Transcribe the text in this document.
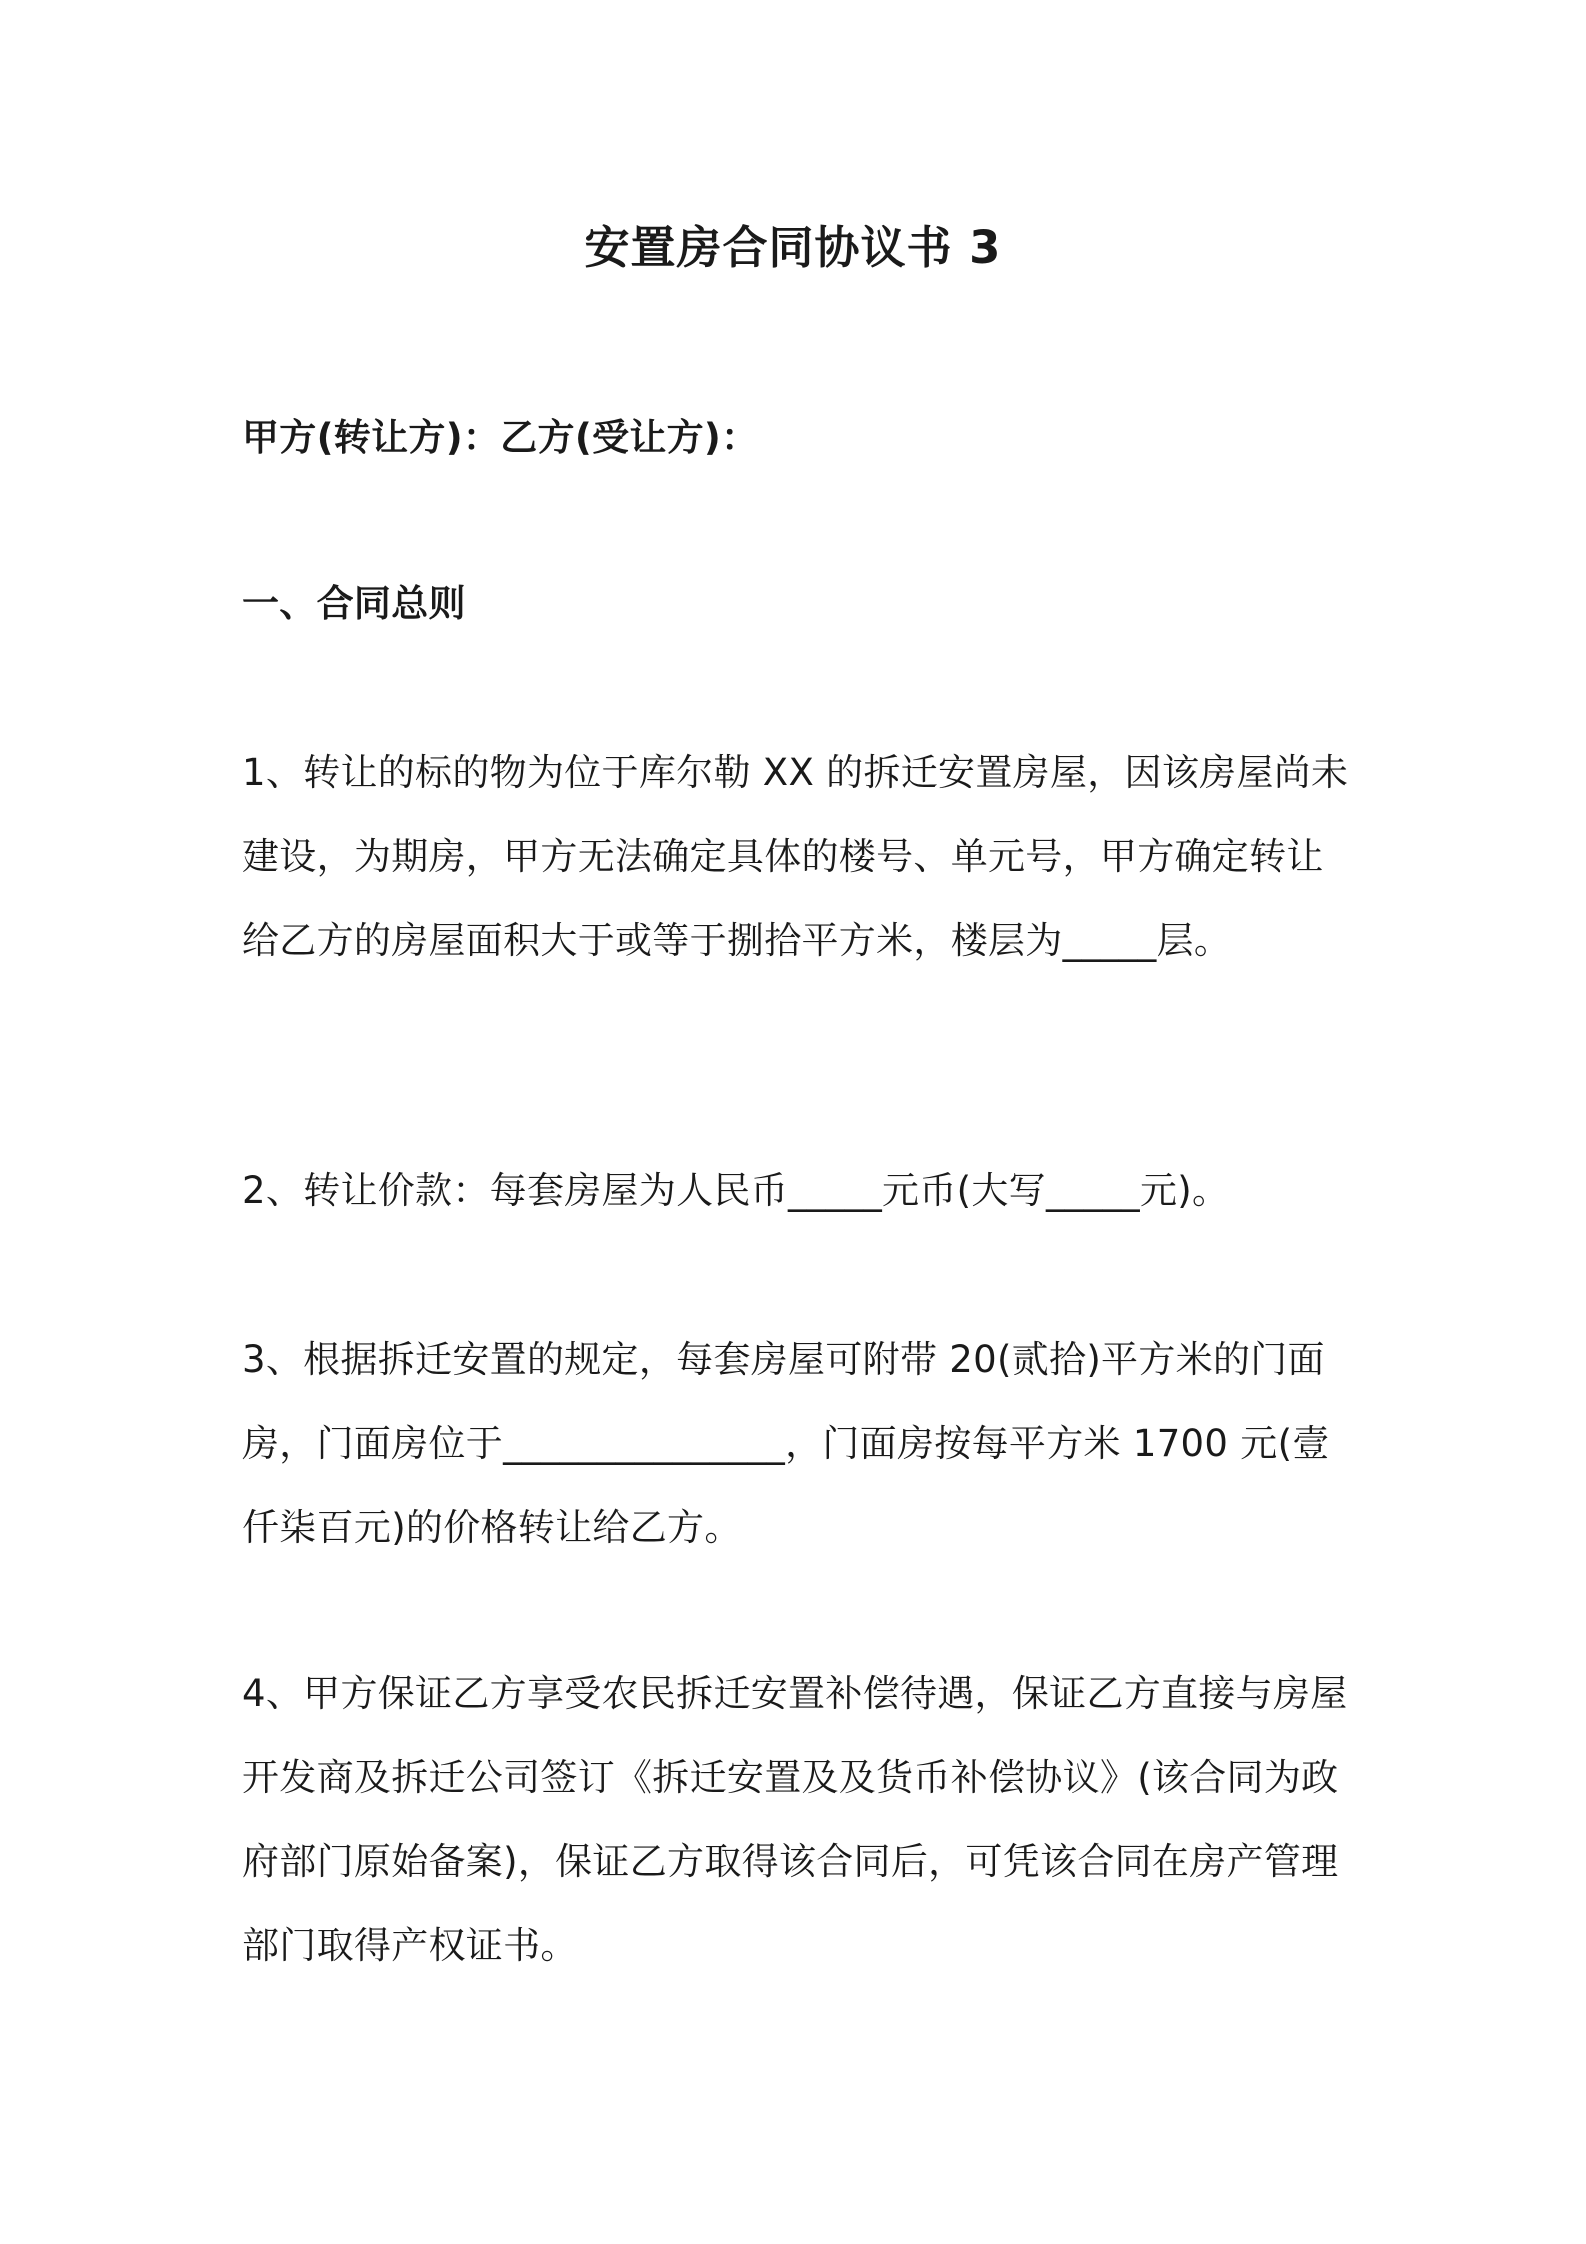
安置房合同协议书 3

甲方(转让方)：乙方(受让方)：

一、合同总则

1、转让的标的物为位于库尔勒 XX 的拆迁安置房屋，因该房屋尚未建设，为期房，甲方无法确定具体的楼号、单元号，甲方确定转让给乙方的房屋面积大于或等于捌拾平方米，楼层为_____层。

2、转让价款：每套房屋为人民币_____元币(大写_____元)。

3、根据拆迁安置的规定，每套房屋可附带 20(贰拾)平方米的门面房，门面房位于_______________，门面房按每平方米 1700 元(壹仟柒百元)的价格转让给乙方。

4、甲方保证乙方享受农民拆迁安置补偿待遇，保证乙方直接与房屋开发商及拆迁公司签订《拆迁安置及及货币补偿协议》(该合同为政府部门原始备案)，保证乙方取得该合同后，可凭该合同在房产管理部门取得产权证书。
